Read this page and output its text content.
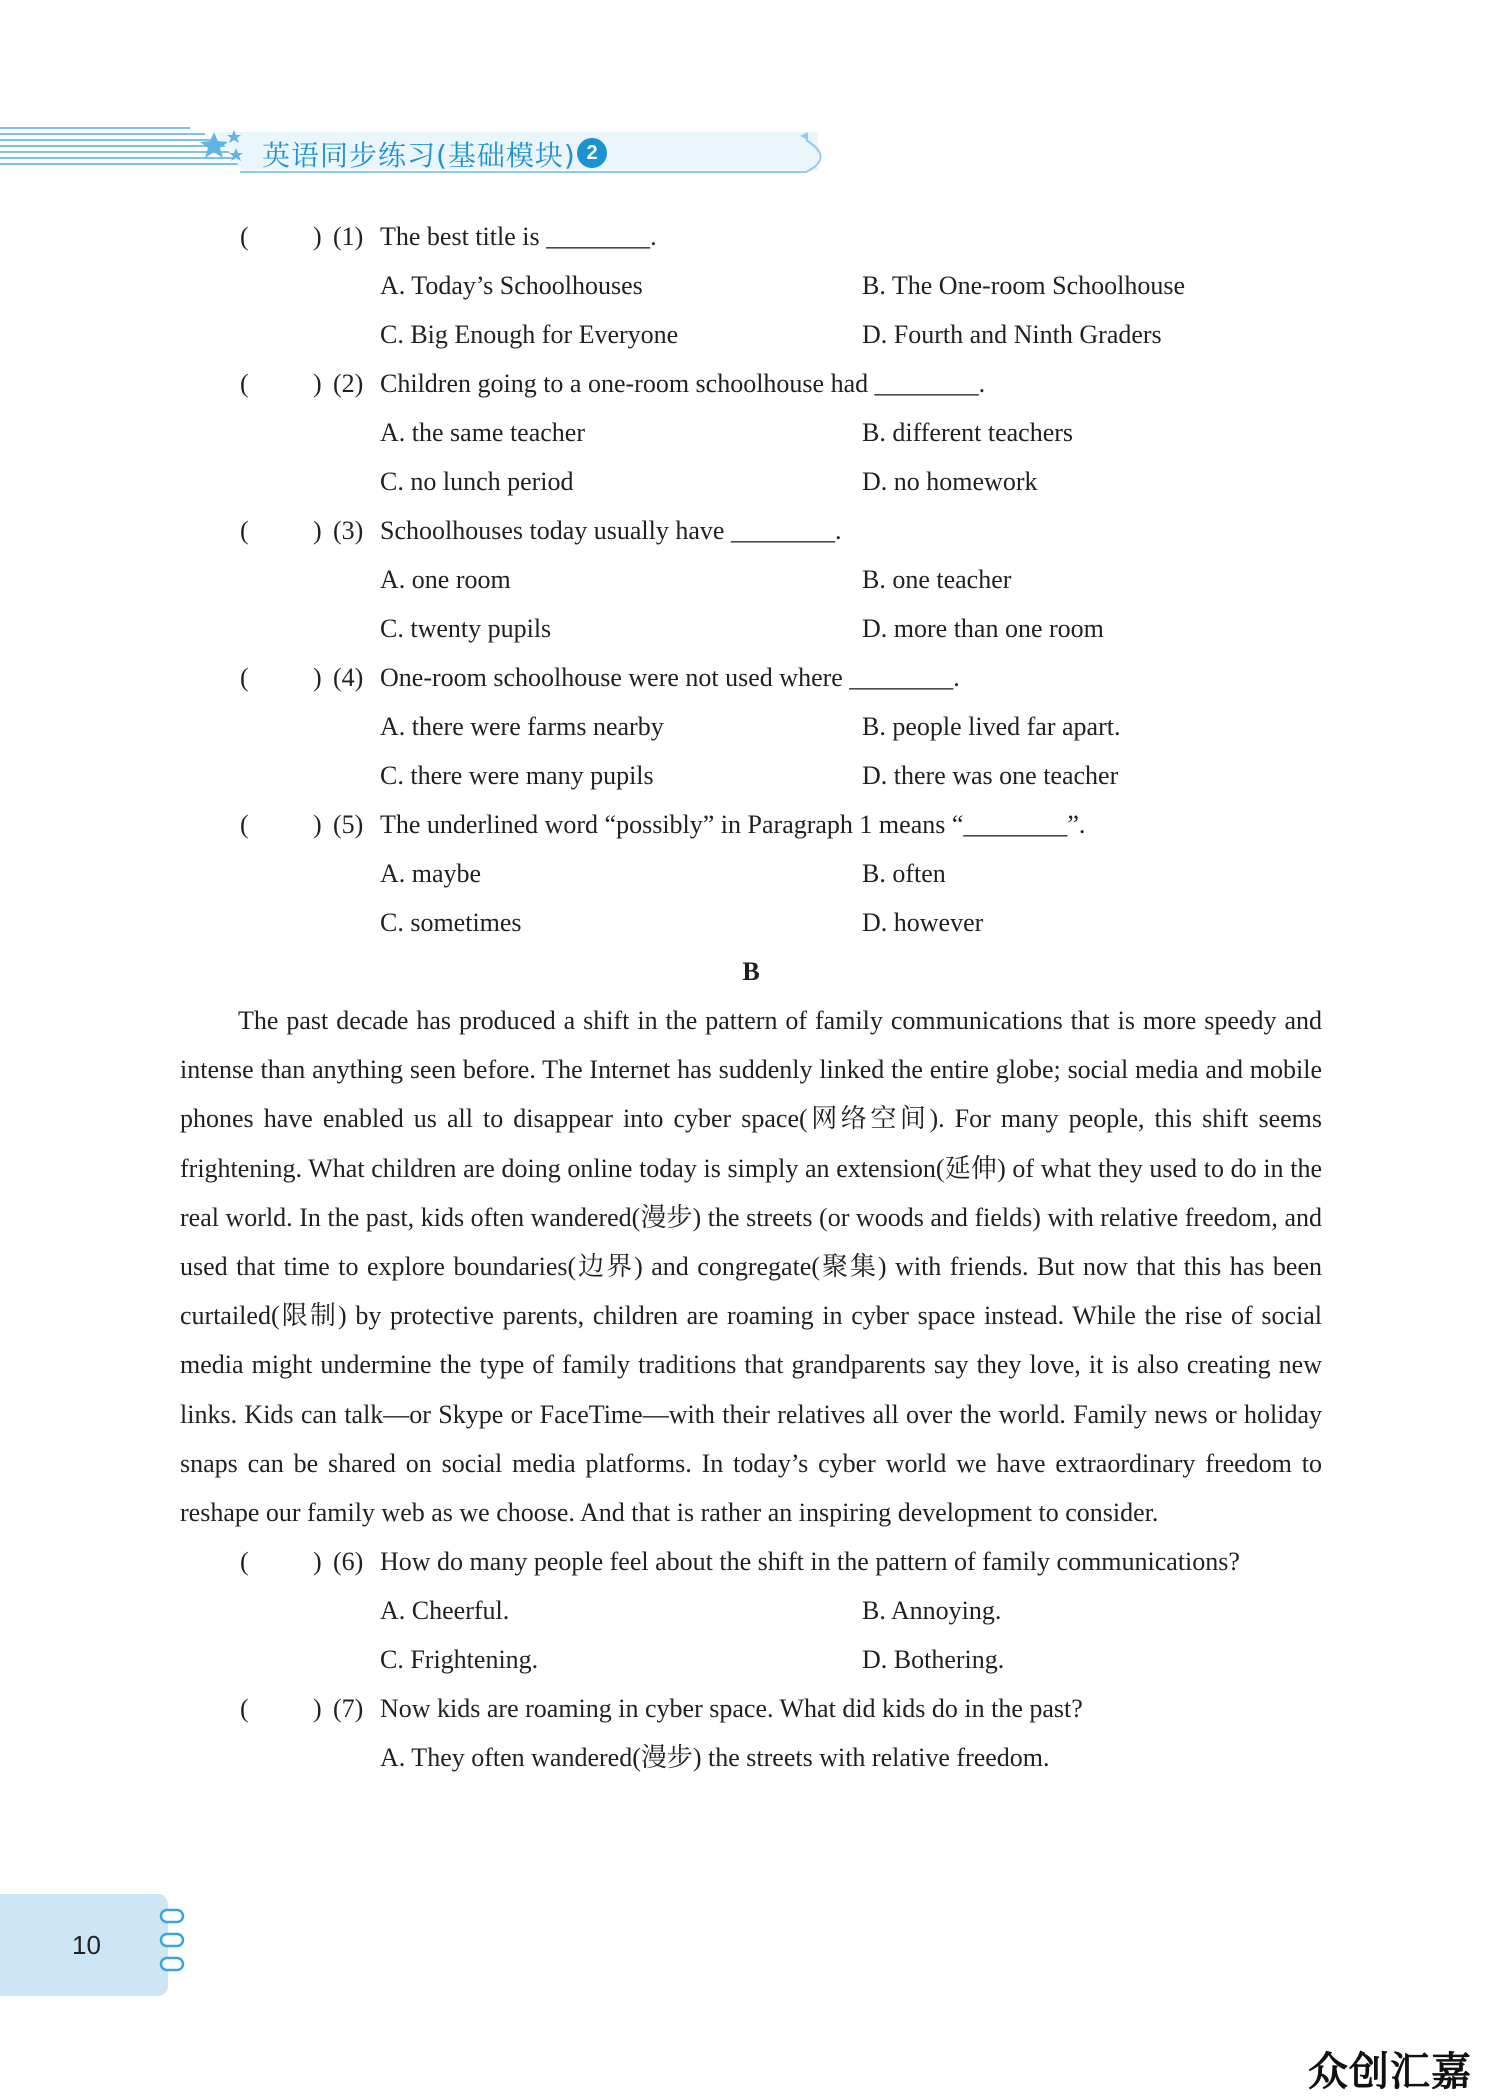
英语同步练习(基础模块) 2
( ) (1) The best title is ________.
A. Today’s Schoolhouses	B. The One-room Schoolhouse
C. Big Enough for Everyone	D. Fourth and Ninth Graders
( ) (2) Children going to a one-room schoolhouse had ________.
A. the same teacher	B. different teachers
C. no lunch period	D. no homework
( ) (3) Schoolhouses today usually have ________.
A. one room	B. one teacher
C. twenty pupils	D. more than one room
( ) (4) One-room schoolhouse were not used where ________.
A. there were farms nearby	B. people lived far apart.
C. there were many pupils	D. there was one teacher
( ) (5) The underlined word “possibly” in Paragraph 1 means “________”.
A. maybe	B. often
C. sometimes	D. however
B

The past decade has produced a shift in the pattern of family communications that is more speedy and intense than anything seen before. The Internet has suddenly linked the entire globe; social media and mobile phones have enabled us all to disappear into cyber space(网络空间). For many people, this shift seems frightening. What children are doing online today is simply an extension(延伸) of what they used to do in the real world. In the past, kids often wandered(漫步) the streets (or woods and fields) with relative freedom, and used that time to explore boundaries(边界) and congregate(聚集) with friends. But now that this has been curtailed(限制) by protective parents, children are roaming in cyber space instead. While the rise of social media might undermine the type of family traditions that grandparents say they love, it is also creating new links. Kids can talk—or Skype or FaceTime—with their relatives all over the world. Family news or holiday snaps can be shared on social media platforms. In today’s cyber world we have extraordinary freedom to reshape our family web as we choose. And that is rather an inspiring development to consider.

( ) (6) How do many people feel about the shift in the pattern of family communications?
A. Cheerful.	B. Annoying.
C. Frightening.	D. Bothering.
( ) (7) Now kids are roaming in cyber space. What did kids do in the past?
A. They often wandered(漫步) the streets with relative freedom.
10
众创汇嘉
